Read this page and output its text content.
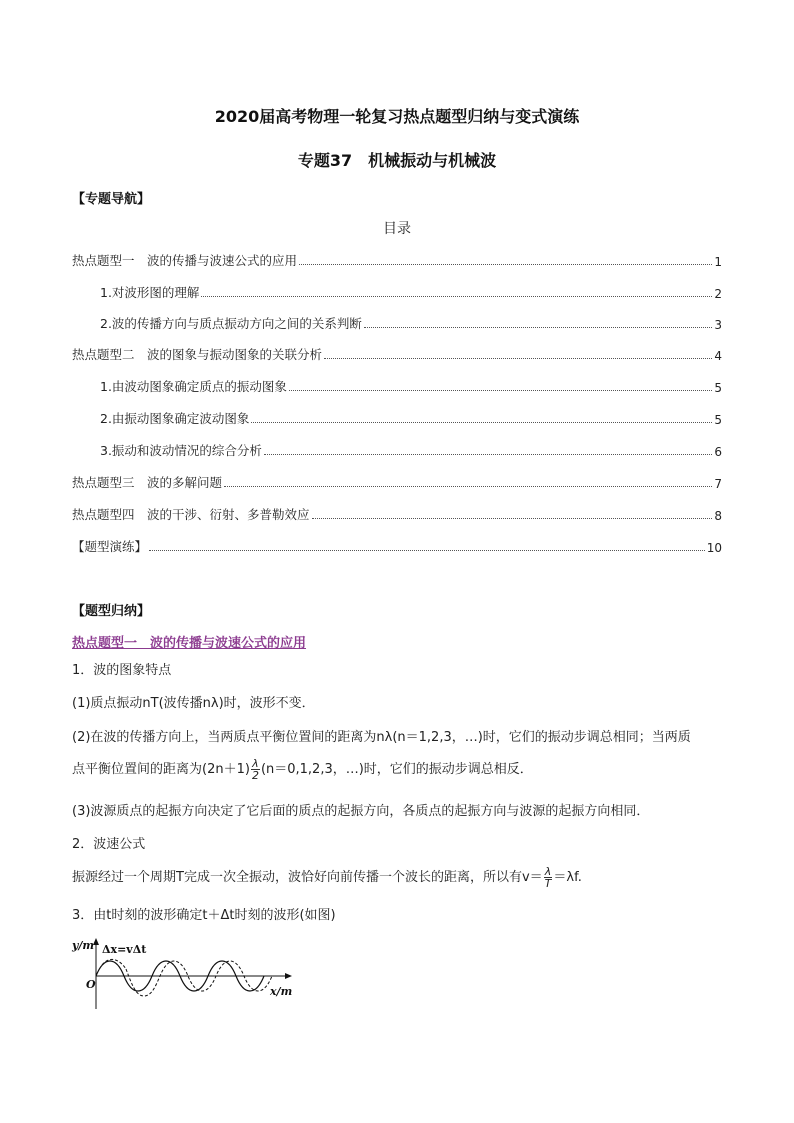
2020届高考物理一轮复习热点题型归纳与变式演练
专题37　机械振动与机械波
【专题导航】
目录
热点题型一　波的传播与波速公式的应用	1
1.对波形图的理解	2
2.波的传播方向与质点振动方向之间的关系判断	3
热点题型二　波的图象与振动图象的关联分析	4
1.由波动图象确定质点的振动图象	5
2.由振动图象确定波动图象	5
3.振动和波动情况的综合分析	6
热点题型三　波的多解问题	7
热点题型四　波的干涉、衍射、多普勒效应	8
【题型演练】	10
【题型归纳】
热点题型一　波的传播与波速公式的应用
1．波的图象特点
(1)质点振动nT(波传播nλ)时，波形不变．
(2)在波的传播方向上，当两质点平衡位置间的距离为nλ(n＝1,2,3，…)时，它们的振动步调总相同；当两质
点平衡位置间的距离为$(2n+1) \frac{\lambda}{2} (n=0,1,2,3$，…)时，它们的振动步调总相反．
(3)波源质点的起振方向决定了它后面的质点的起振方向，各质点的起振方向与波源的起振方向相同．
2．波速公式
振源经过一个周期T完成一次全振动，波恰好向前传播一个波长的距离，所以有$v= \frac{\lambda}{T} =\lambda f$.
3．由t时刻的波形确定t＋Δt时刻的波形(如图)
y/m Δx=vΔt
O
x/m
